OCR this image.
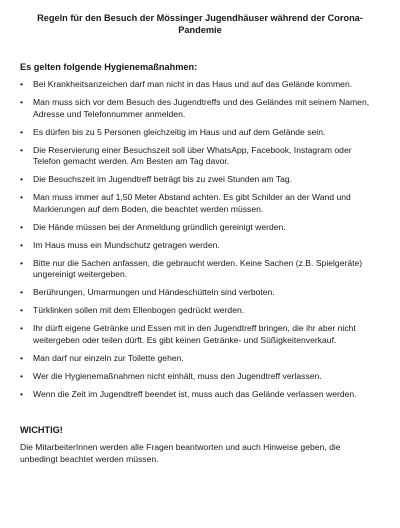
Regeln für den Besuch der Mössinger Jugendhäuser während der Corona-Pandemie
Es gelten folgende Hygienemaßnahmen:
•	Bei Krankheitsanzeichen darf man nicht in das Haus und auf das Gelände kommen.
•	Man muss sich vor dem Besuch des Jugendtreffs und des Geländes mit seinem Namen, Adresse und Telefonnummer anmelden.
•	Es dürfen bis zu 5 Personen gleichzeitig im Haus und auf dem Gelände sein.
•	Die Reservierung einer Besuchszeit soll über WhatsApp, Facebook, Instagram oder Telefon gemacht werden. Am Besten am Tag davor.
•	Die Besuchszeit im Jugendtreff beträgt bis zu zwei Stunden am Tag.
•	Man muss immer auf 1,50 Meter Abstand achten. Es gibt Schilder an der Wand und Markierungen auf dem Boden, die beachtet werden müssen.
•	Die Hände müssen bei der Anmeldung gründlich gereinigt werden.
•	Im Haus muss ein Mundschutz getragen werden.
•	Bitte nur die Sachen anfassen, die gebraucht werden. Keine Sachen (z.B. Spielgeräte) ungereinigt weitergeben.
•	Berührungen, Umarmungen und Händeschütteln sind verboten.
•	Türklinken sollen mit dem Ellenbogen gedrückt werden.
•	Ihr dürft eigene Getränke und Essen mit in den Jugendtreff bringen, die ihr aber nicht weitergeben oder teilen dürft. Es gibt keinen Getränke- und Süßigkeitenverkauf.
•	Man darf nur einzeln zur Toilette gehen.
•	Wer die Hygienemaßnahmen nicht einhält, muss den Jugendtreff verlassen.
•	Wenn die Zeit im Jugendtreff beendet ist, muss auch das Gelände verlassen werden.
WICHTIG!

Die MitarbeiterInnen werden alle Fragen beantworten und auch Hinweise geben, die unbedingt beachtet werden müssen.
